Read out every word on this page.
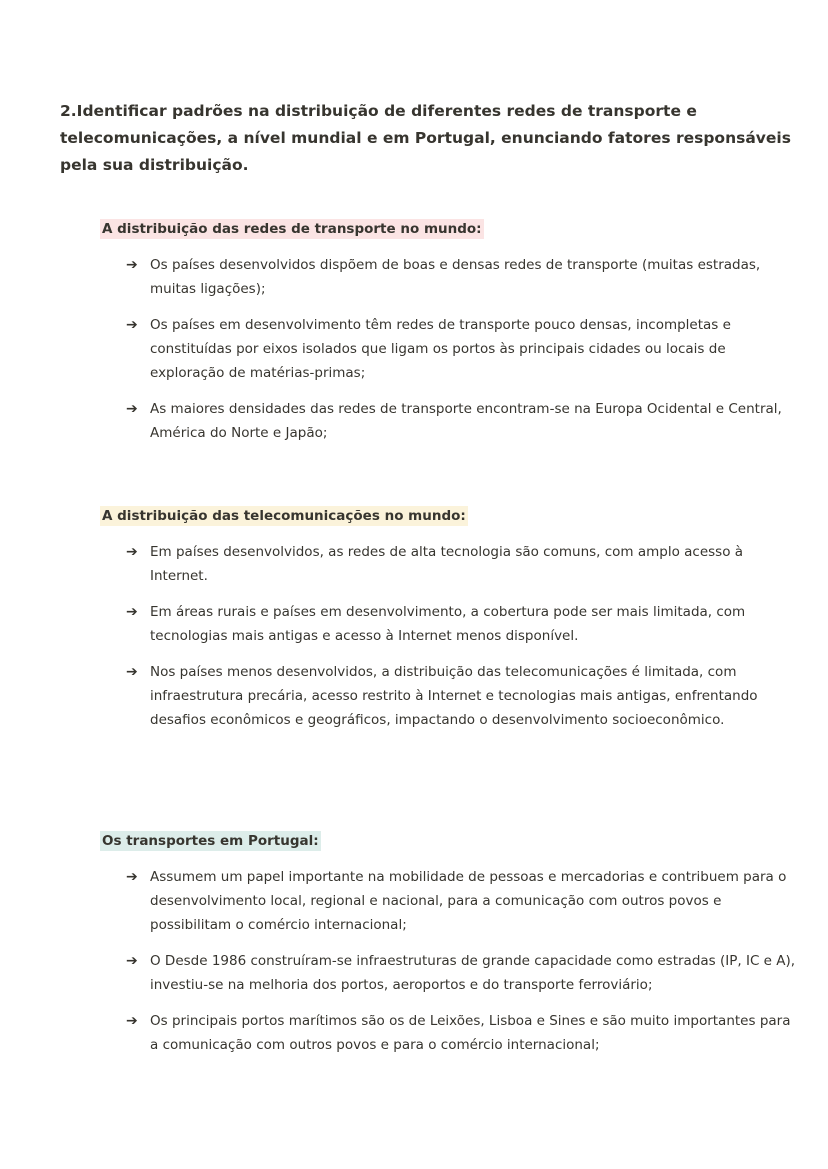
2.Identificar padrões na distribuição de diferentes redes de transporte e telecomunicações, a nível mundial e em Portugal, enunciando fatores responsáveis pela sua distribuição.
A distribuição das redes de transporte no mundo:
➔ Os países desenvolvidos dispõem de boas e densas redes de transporte (muitas estradas, muitas ligações);
➔ Os países em desenvolvimento têm redes de transporte pouco densas, incompletas e constituídas por eixos isolados que ligam os portos às principais cidades ou locais de exploração de matérias-primas;
➔ As maiores densidades das redes de transporte encontram-se na Europa Ocidental e Central, América do Norte e Japão;
A distribuição das telecomunicações no mundo:
➔ Em países desenvolvidos, as redes de alta tecnologia são comuns, com amplo acesso à Internet.
➔ Em áreas rurais e países em desenvolvimento, a cobertura pode ser mais limitada, com tecnologias mais antigas e acesso à Internet menos disponível.
➔ Nos países menos desenvolvidos, a distribuição das telecomunicações é limitada, com infraestrutura precária, acesso restrito à Internet e tecnologias mais antigas, enfrentando desafios econômicos e geográficos, impactando o desenvolvimento socioeconômico.
Os transportes em Portugal:
➔ Assumem um papel importante na mobilidade de pessoas e mercadorias e contribuem para o desenvolvimento local, regional e nacional, para a comunicação com outros povos e possibilitam o comércio internacional;
➔ O Desde 1986 construíram-se infraestruturas de grande capacidade como estradas (IP, IC e A), investiu-se na melhoria dos portos, aeroportos e do transporte ferroviário;
➔ Os principais portos marítimos são os de Leixões, Lisboa e Sines e são muito importantes para a comunicação com outros povos e para o comércio internacional;
